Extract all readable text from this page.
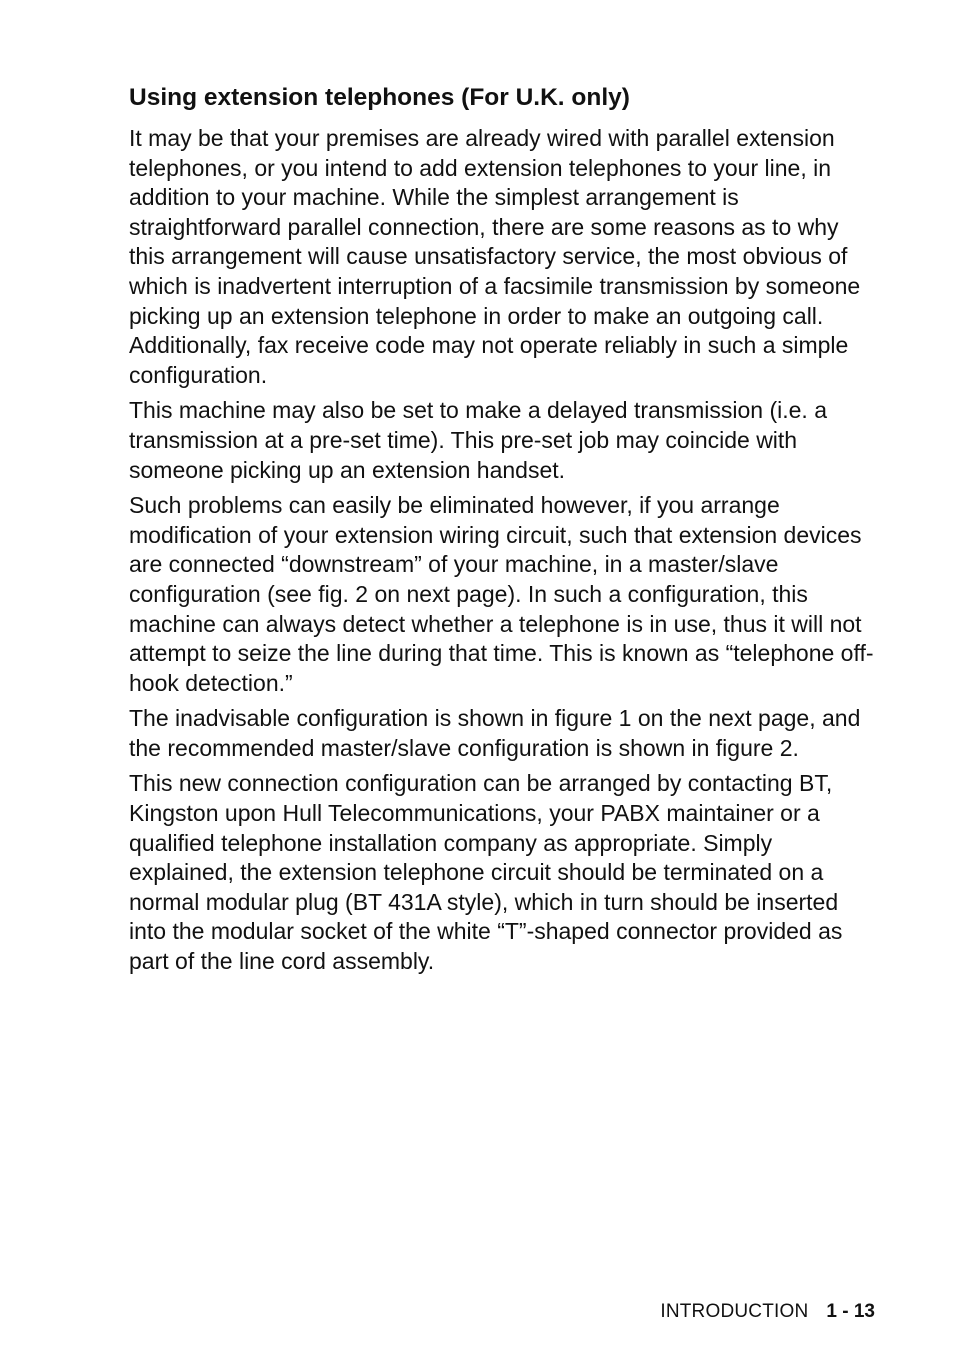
Using extension telephones (For U.K. only)

It may be that your premises are already wired with parallel extension telephones, or you intend to add extension telephones to your line, in addition to your machine. While the simplest arrangement is straightforward parallel connection, there are some reasons as to why this arrangement will cause unsatisfactory service, the most obvious of which is inadvertent interruption of a facsimile transmission by someone picking up an extension telephone in order to make an outgoing call. Additionally, fax receive code may not operate reliably in such a simple configuration.

This machine may also be set to make a delayed transmission (i.e. a transmission at a pre-set time). This pre-set job may coincide with someone picking up an extension handset.

Such problems can easily be eliminated however, if you arrange modification of your extension wiring circuit, such that extension devices are connected “downstream” of your machine, in a master/slave configuration (see fig. 2 on next page). In such a configuration, this machine can always detect whether a telephone is in use, thus it will not attempt to seize the line during that time. This is known as “telephone off-hook detection.”

The inadvisable configuration is shown in figure 1 on the next page, and the recommended master/slave configuration is shown in figure 2.

This new connection configuration can be arranged by contacting BT, Kingston upon Hull Telecommunications, your PABX maintainer or a qualified telephone installation company as appropriate. Simply explained, the extension telephone circuit should be terminated on a normal modular plug (BT 431A style), which in turn should be inserted into the modular socket of the white “T”-shaped connector provided as part of the line cord assembly.

INTRODUCTION 1 - 13
